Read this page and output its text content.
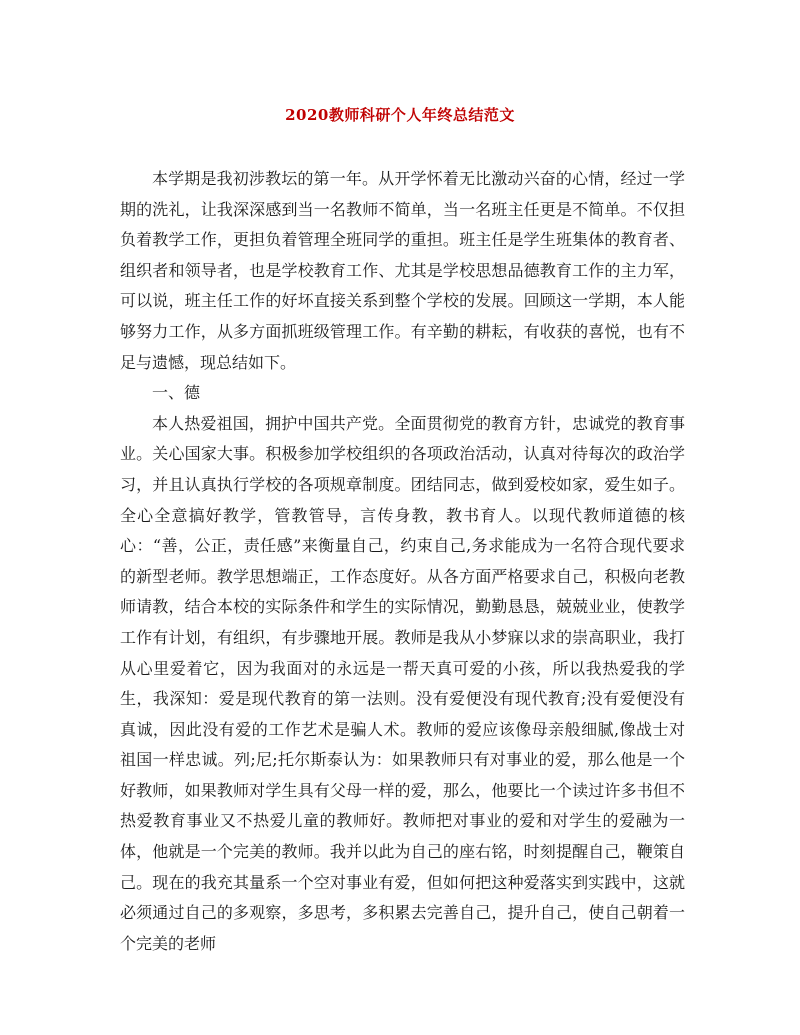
2020教师科研个人年终总结范文

本学期是我初涉教坛的第一年。从开学怀着无比激动兴奋的心情，经过一学期的洗礼，让我深深感到当一名教师不简单，当一名班主任更是不简单。不仅担负着教学工作，更担负着管理全班同学的重担。班主任是学生班集体的教育者、组织者和领导者，也是学校教育工作、尤其是学校思想品德教育工作的主力军，可以说，班主任工作的好坏直接关系到整个学校的发展。回顾这一学期，本人能够努力工作，从多方面抓班级管理工作。有辛勤的耕耘，有收获的喜悦，也有不足与遗憾，现总结如下。

一、德

本人热爱祖国，拥护中国共产党。全面贯彻党的教育方针，忠诚党的教育事业。关心国家大事。积极参加学校组织的各项政治活动，认真对待每次的政治学习，并且认真执行学校的各项规章制度。团结同志，做到爱校如家，爱生如子。全心全意搞好教学，管教管导，言传身教，教书育人。以现代教师道德的核心：“善，公正，责任感”来衡量自己，约束自己,务求能成为一名符合现代要求的新型老师。教学思想端正，工作态度好。从各方面严格要求自己，积极向老教师请教，结合本校的实际条件和学生的实际情况，勤勤恳恳，兢兢业业，使教学工作有计划，有组织，有步骤地开展。教师是我从小梦寐以求的崇高职业，我打从心里爱着它，因为我面对的永远是一帮天真可爱的小孩，所以我热爱我的学生，我深知：爱是现代教育的第一法则。没有爱便没有现代教育;没有爱便没有真诚，因此没有爱的工作艺术是骗人术。教师的爱应该像母亲般细腻,像战士对祖国一样忠诚。列;尼;托尔斯泰认为：如果教师只有对事业的爱，那么他是一个好教师，如果教师对学生具有父母一样的爱，那么，他要比一个读过许多书但不热爱教育事业又不热爱儿童的教师好。教师把对事业的爱和对学生的爱融为一体，他就是一个完美的教师。我并以此为自己的座右铭，时刻提醒自己，鞭策自己。现在的我充其量系一个空对事业有爱，但如何把这种爱落实到实践中，这就必须通过自己的多观察，多思考，多积累去完善自己，提升自己，使自己朝着一个完美的老师
